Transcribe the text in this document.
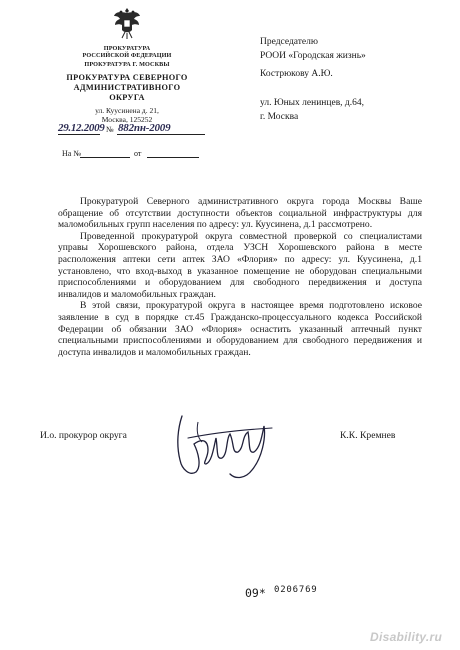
ПРОКУРАТУРА
РОССИЙСКОЙ ФЕДЕРАЦИИ
ПРОКУРАТУРА Г. МОСКВЫ
ПРОКУРАТУРА СЕВЕРНОГО
АДМИНИСТРАТИВНОГО
ОКРУГА
ул. Куусинена д. 21,
Москва, 125252
29.12.2009 № 882пн-2009
На №	от
Председателю
РООИ «Городская жизнь»
Кострюкову А.Ю.
ул. Юных ленинцев, д.64,
г. Москва

Прокуратурой Северного административного округа города Москвы Ваше обращение об отсутствии доступности объектов социальной инфраструктуры для маломобильных групп населения по адресу: ул. Куусинена, д.1 рассмотрено.

Проведенной прокуратурой округа совместной проверкой со специалистами управы Хорошевского района, отдела УЗСН Хорошевского района в месте расположения аптеки сети аптек ЗАО «Флория» по адресу: ул. Куусинена, д.1 установлено, что вход-выход в указанное помещение не оборудован специальными приспособлениями и оборудованием для свободного передвижения и доступа инвалидов и маломобильных граждан.

В этой связи, прокуратурой округа в настоящее время подготовлено исковое заявление в суд в порядке ст.45 Гражданско-процессуального кодекса Российской Федерации об обязании ЗАО «Флория» оснастить указанный аптечный пункт специальными приспособлениями и оборудованием для свободного передвижения и доступа инвалидов и маломобильных граждан.

И.о. прокурор округа	К.К. Кремнев
09* 0206769
Disability.ru
